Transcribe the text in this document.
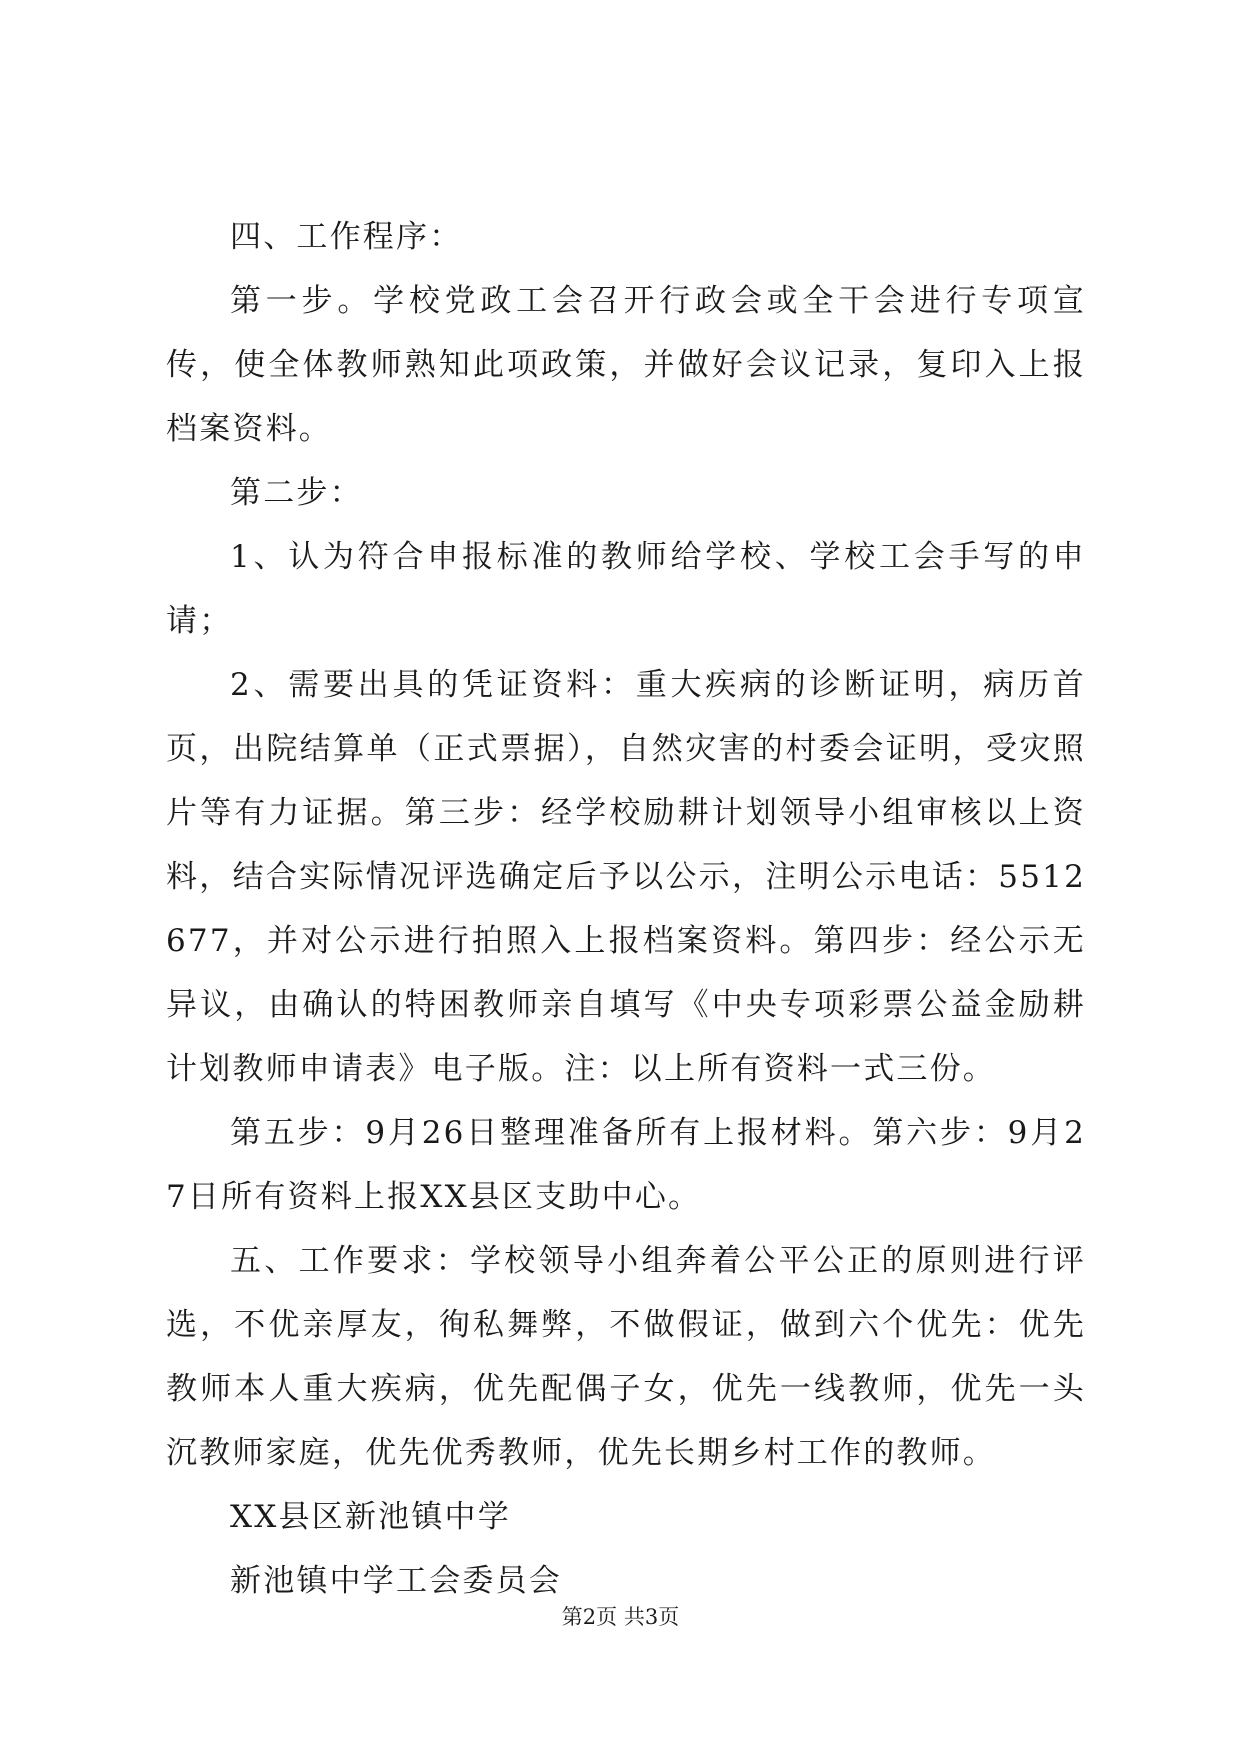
四、工作程序：

第一步。学校党政工会召开行政会或全干会进行专项宣传，使全体教师熟知此项政策，并做好会议记录，复印入上报档案资料。

第二步：

1、认为符合申报标准的教师给学校、学校工会手写的申请；

2、需要出具的凭证资料：重大疾病的诊断证明，病历首页，出院结算单（正式票据），自然灾害的村委会证明，受灾照片等有力证据。第三步：经学校励耕计划领导小组审核以上资料，结合实际情况评选确定后予以公示，注明公示电话：5512677，并对公示进行拍照入上报档案资料。第四步：经公示无异议，由确认的特困教师亲自填写《中央专项彩票公益金励耕计划教师申请表》电子版。注：以上所有资料一式三份。

第五步：9月26日整理准备所有上报材料。第六步：9月27日所有资料上报XX县区支助中心。

五、工作要求：学校领导小组奔着公平公正的原则进行评选，不优亲厚友，徇私舞弊，不做假证，做到六个优先：优先教师本人重大疾病，优先配偶子女，优先一线教师，优先一头沉教师家庭，优先优秀教师，优先长期乡村工作的教师。

XX县区新池镇中学

新池镇中学工会委员会

第2页 共3页
